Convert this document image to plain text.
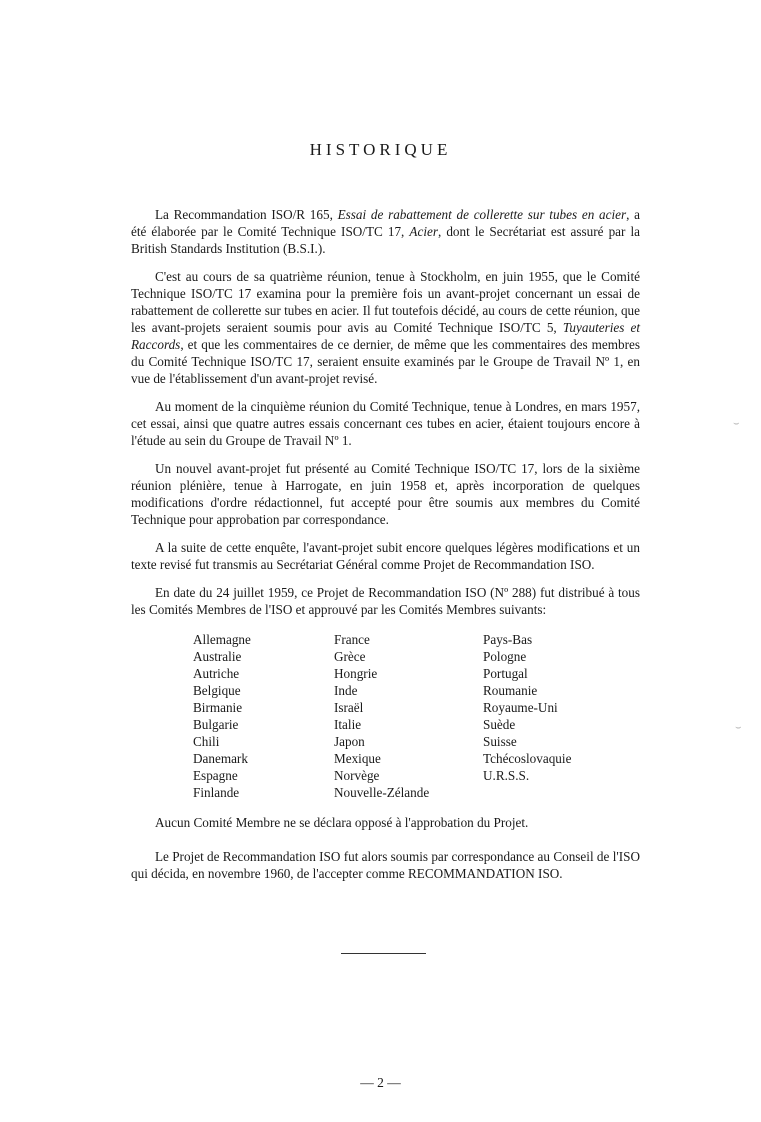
HISTORIQUE

La Recommandation ISO/R 165, Essai de rabattement de collerette sur tubes en acier, a été élaborée par le Comité Technique ISO/TC 17, Acier, dont le Secrétariat est assuré par la British Standards Institution (B.S.I.).

C'est au cours de sa quatrième réunion, tenue à Stockholm, en juin 1955, que le Comité Technique ISO/TC 17 examina pour la première fois un avant-projet concernant un essai de rabattement de collerette sur tubes en acier. Il fut toutefois décidé, au cours de cette réunion, que les avant-projets seraient soumis pour avis au Comité Technique ISO/TC 5, Tuyauteries et Raccords, et que les commentaires de ce dernier, de même que les commentaires des membres du Comité Technique ISO/TC 17, seraient ensuite examinés par le Groupe de Travail Nº 1, en vue de l'établissement d'un avant-projet revisé.

Au moment de la cinquième réunion du Comité Technique, tenue à Londres, en mars 1957, cet essai, ainsi que quatre autres essais concernant ces tubes en acier, étaient toujours encore à l'étude au sein du Groupe de Travail Nº 1.

Un nouvel avant-projet fut présenté au Comité Technique ISO/TC 17, lors de la sixième réunion plénière, tenue à Harrogate, en juin 1958 et, après incorporation de quelques modifications d'ordre rédactionnel, fut accepté pour être soumis aux membres du Comité Technique pour approbation par correspondance.

A la suite de cette enquête, l'avant-projet subit encore quelques légères modifications et un texte revisé fut transmis au Secrétariat Général comme Projet de Recommandation ISO.

En date du 24 juillet 1959, ce Projet de Recommandation ISO (Nº 288) fut distribué à tous les Comités Membres de l'ISO et approuvé par les Comités Membres suivants:

Allemagne
Australie
Autriche
Belgique
Birmanie
Bulgarie
Chili
Danemark
Espagne
Finlande
France
Grèce
Hongrie
Inde
Israël
Italie
Japon
Mexique
Norvège
Nouvelle-Zélande
Pays-Bas
Pologne
Portugal
Roumanie
Royaume-Uni
Suède
Suisse
Tchécoslovaquie
U.R.S.S.

Aucun Comité Membre ne se déclara opposé à l'approbation du Projet.

Le Projet de Recommandation ISO fut alors soumis par correspondance au Conseil de l'ISO qui décida, en novembre 1960, de l'accepter comme RECOMMANDATION ISO.

— 2 —
⌣
⌣
